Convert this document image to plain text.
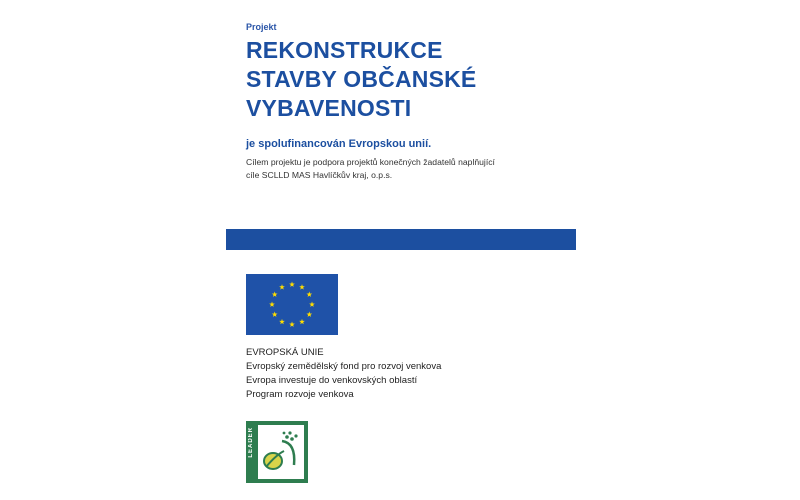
Projekt
REKONSTRUKCE
STAVBY OBČANSKÉ
VYBAVENOSTI
je spolufinancován Evropskou unií.
Cílem projektu je podpora projektů konečných žadatelů naplňující
cíle SCLLD MAS Havlíčkův kraj, o.p.s.
EVROPSKÁ UNIE
Evropský zemědělský fond pro rozvoj venkova
Evropa investuje do venkovských oblastí
Program rozvoje venkova
LEADER
